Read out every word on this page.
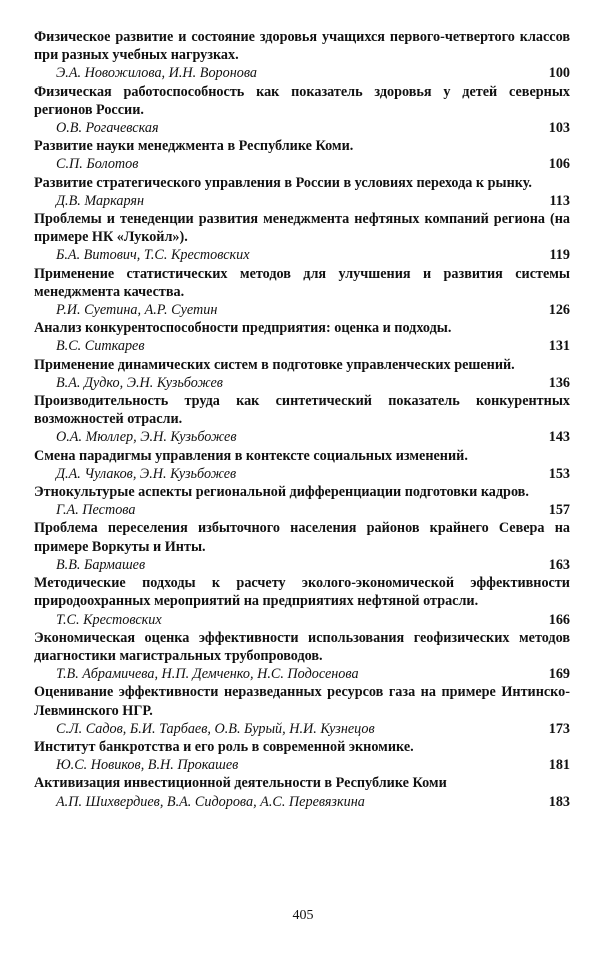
Физическое развитие и состояние здоровья учащихся первого-четвертого классов при разных учебных нагрузках.

Э.А. Новожилова, И.Н. Воронова	100

Физическая работоспособность как показатель здоровья у детей северных регионов России.

О.В. Рогачевская	103

Развитие науки менеджмента в Республике Коми.

С.П. Болотов	106

Развитие стратегического управления в России в условиях перехода к рынку.

Д.В. Маркарян	113

Проблемы и тенеденции развития менеджмента нефтяных компаний региона (на примере НК «Лукойл»).

Б.А. Витович, Т.С. Крестовских	119

Применение статистических методов для улучшения и развития системы менеджмента качества.

Р.И. Суетина, А.Р. Суетин	126

Анализ конкурентоспособности предприятия: оценка и подходы.

В.С. Ситкарев	131

Применение динамических систем в подготовке управленческих решений.

В.А. Дудко, Э.Н. Кузьбожев	136

Производительность труда как синтетический показатель конкурентных возможностей отрасли.

О.А. Мюллер, Э.Н. Кузьбожев	143

Смена парадигмы управления в контексте социальных изменений.

Д.А. Чулаков, Э.Н. Кузьбожев	153

Этнокультурые аспекты региональной дифференциации подготовки кадров.

Г.А. Пестова	157

Проблема переселения избыточного населения районов крайнего Севера на примере Воркуты и Инты.

В.В. Бармашев	163

Методические подходы к расчету эколого-экономической эффективности природоохранных мероприятий на предприятиях нефтяной отрасли.

Т.С. Крестовских	166

Экономическая оценка эффективности использования геофизических методов диагностики магистральных трубопроводов.

Т.В. Абрамичева, Н.П. Демченко, Н.С. Подосенова	169

Оценивание эффективности неразведанных ресурсов газа на примере Интинско-Левминского НГР.

С.Л. Садов, Б.И. Тарбаев, О.В. Бурый, Н.И. Кузнецов	173

Институт банкротства и его роль в современной экномике.

Ю.С. Новиков, В.Н. Прокашев	181

Активизация инвестиционной деятельности в Республике Коми

А.П. Шихвердиев, В.А. Сидорова, А.С. Перевязкина	183
405
